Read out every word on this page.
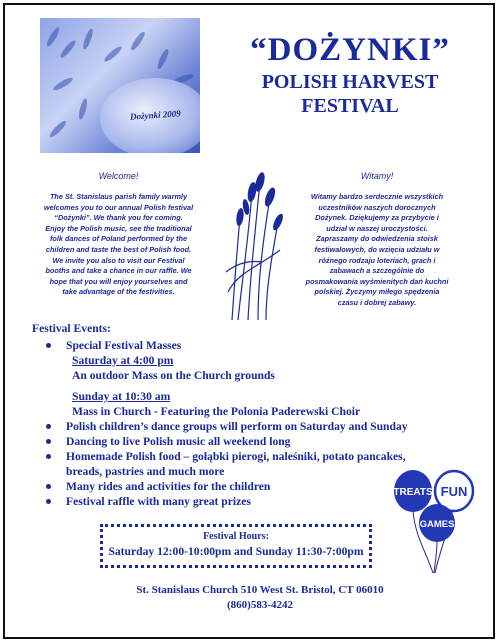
Dożynki 2009

“DOŻYNKI”

POLISH HARVEST

FESTIVAL

Welcome!
The St. Stanislaus parish family warmly
welcomes you to our annual Polish festival
“Dożynki”. We thank you for coming.
Enjoy the Polish music, see the traditional
folk dances of Poland performed by the
children and taste the best of Polish food.
We invite you also to visit our Festival
booths and take a chance in our raffle. We
hope that you will enjoy yourselves and
take advantage of the festivities.
Witamy!
Witamy bardzo serdecznie wszystkich
uczestników naszych dorocznych
Dożynek. Dziękujemy za przybycie i
udział w naszej uroczystości.
Zapraszamy do odwiedzenia stoisk
festiwalowych, do wzięcia udziału w
różnego rodzaju loteriach, grach i
zabawach a szczególnie do
posmakowania wyśmienitych dań kuchni
polskiej. Życzymy miłego spędzenia
czasu i dobrej zabawy.

Festival Events:

Special Festival Masses
Saturday at 4:00 pm
An outdoor Mass on the Church grounds
Sunday at 10:30 am
Mass in Church - Featuring the Polonia Paderewski Choir
Polish children’s dance groups will perform on Saturday and Sunday
Dancing to live Polish music all weekend long
Homemade Polish food – gołąbki pierogi, naleśniki, potato pancakes,
breads, pastries and much more
Many rides and activities for the children
Festival raffle with many great prizes
TREATS FUN
GAMES
Festival Hours:
Saturday 12:00-10:00pm and Sunday 11:30-7:00pm
St. Stanislaus Church 510 West St. Bristol, CT 06010
(860)583-4242
